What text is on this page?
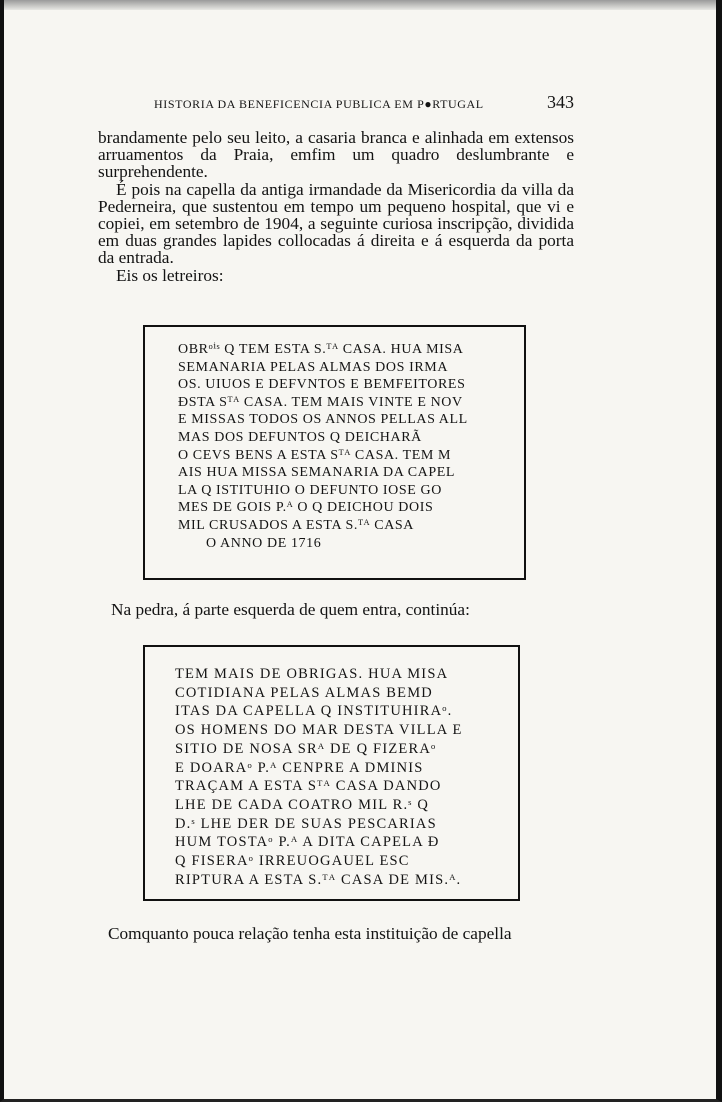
HISTORIA DA BENEFICENCIA PUBLICA EM P●RTUGAL	343

brandamente pelo seu leito, a casaria branca e alinhada em extensos arruamentos da Praia, emfim um quadro deslumbrante e surprehendente.

É pois na capella da antiga irmandade da Misericordia da villa da Pederneira, que sustentou em tempo um pequeno hospital, que vi e copiei, em setembro de 1904, a seguinte curiosa inscripção, dividida em duas grandes lapides collocadas á direita e á esquerda da porta da entrada.

Eis os letreiros:

OBRᵒⁱˢ Q TEM ESTA S.ᵀᴬ CASA. HUA MISA
SEMANARIA PELAS ALMAS DOS IRMA
OS. UIUOS E DEFVNTOS E BEMFEITORES
ÐSTA Sᵀᴬ CASA. TEM MAIS VINTE E NOV
E MISSAS TODOS OS ANNOS PELLAS ALL
MAS DOS DEFUNTOS Q DEICHARÃ
O CEVS BENS A ESTA Sᵀᴬ CASA. TEM M
AIS HUA MISSA SEMANARIA DA CAPEL
LA Q ISTITUHIO O DEFUNTO IOSE GO
MES DE GOIS P.ᴬ O Q DEICHOU DOIS
MIL CRUSADOS A ESTA S.ᵀᴬ CASA
O ANNO DE 1716
Na pedra, á parte esquerda de quem entra, continúa:
TEM MAIS DE OBRIGAS. HUA MISA
COTIDIANA PELAS ALMAS BEMD
ITAS DA CAPELLA Q INSTITUHIRAᵒ.
OS HOMENS DO MAR DESTA VILLA E
SITIO DE NOSA SRᴬ DE Q FIZERAᵒ
E DOARAᵒ P.ᴬ CENPRE A DMINIS
TRAÇAM A ESTA Sᵀᴬ CASA DANDO
LHE DE CADA COATRO MIL R.ˢ Q
D.ˢ LHE DER DE SUAS PESCARIAS
HUM TOSTAᵒ P.ᴬ A DITA CAPELA Ð
Q FISERAᵒ IRREUOGAUEL ESC
RIPTURA A ESTA S.ᵀᴬ CASA DE MIS.ᴬ.
Comquanto pouca relação tenha esta instituição de capella
